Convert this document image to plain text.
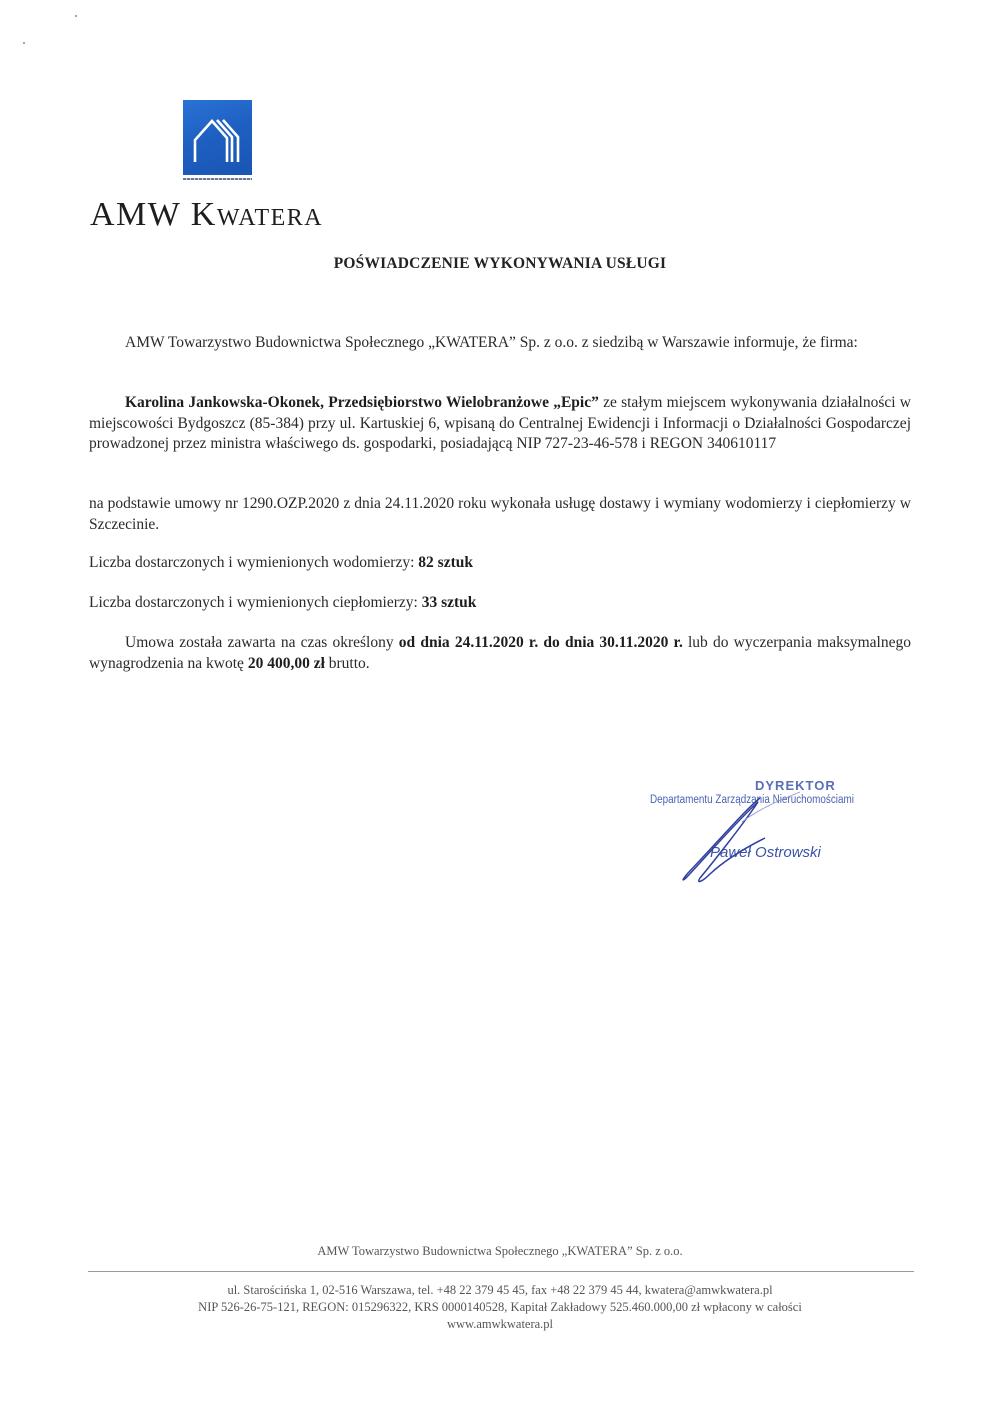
AMW Kwatera
POŚWIADCZENIE WYKONYWANIA USŁUGI
AMW Towarzystwo Budownictwa Społecznego „KWATERA” Sp. z o.o. z siedzibą w Warszawie informuje, że firma:
Karolina Jankowska-Okonek, Przedsiębiorstwo Wielobranżowe „Epic” ze stałym miejscem wykonywania działalności w miejscowości Bydgoszcz (85-384) przy ul. Kartuskiej 6, wpisaną do Centralnej Ewidencji i Informacji o Działalności Gospodarczej prowadzonej przez ministra właściwego ds. gospodarki, posiadającą NIP 727-23-46-578 i REGON 340610117
na podstawie umowy nr 1290.OZP.2020 z dnia 24.11.2020 roku wykonała usługę dostawy i wymiany wodomierzy i ciepłomierzy w Szczecinie.
Liczba dostarczonych i wymienionych wodomierzy: 82 sztuk
Liczba dostarczonych i wymienionych ciepłomierzy: 33 sztuk
Umowa została zawarta na czas określony od dnia 24.11.2020 r. do dnia 30.11.2020 r. lub do wyczerpania maksymalnego wynagrodzenia na kwotę 20 400,00 zł brutto.
DYREKTOR
Departamentu Zarządzania Nieruchomościami
Paweł Ostrowski
AMW Towarzystwo Budownictwa Społecznego „KWATERA” Sp. z o.o.
ul. Starościńska 1, 02-516 Warszawa, tel. +48 22 379 45 45, fax +48 22 379 45 44, kwatera@amwkwatera.pl
NIP 526-26-75-121, REGON: 015296322, KRS 0000140528, Kapitał Zakładowy 525.460.000,00 zł wpłacony w całości
www.amwkwatera.pl
